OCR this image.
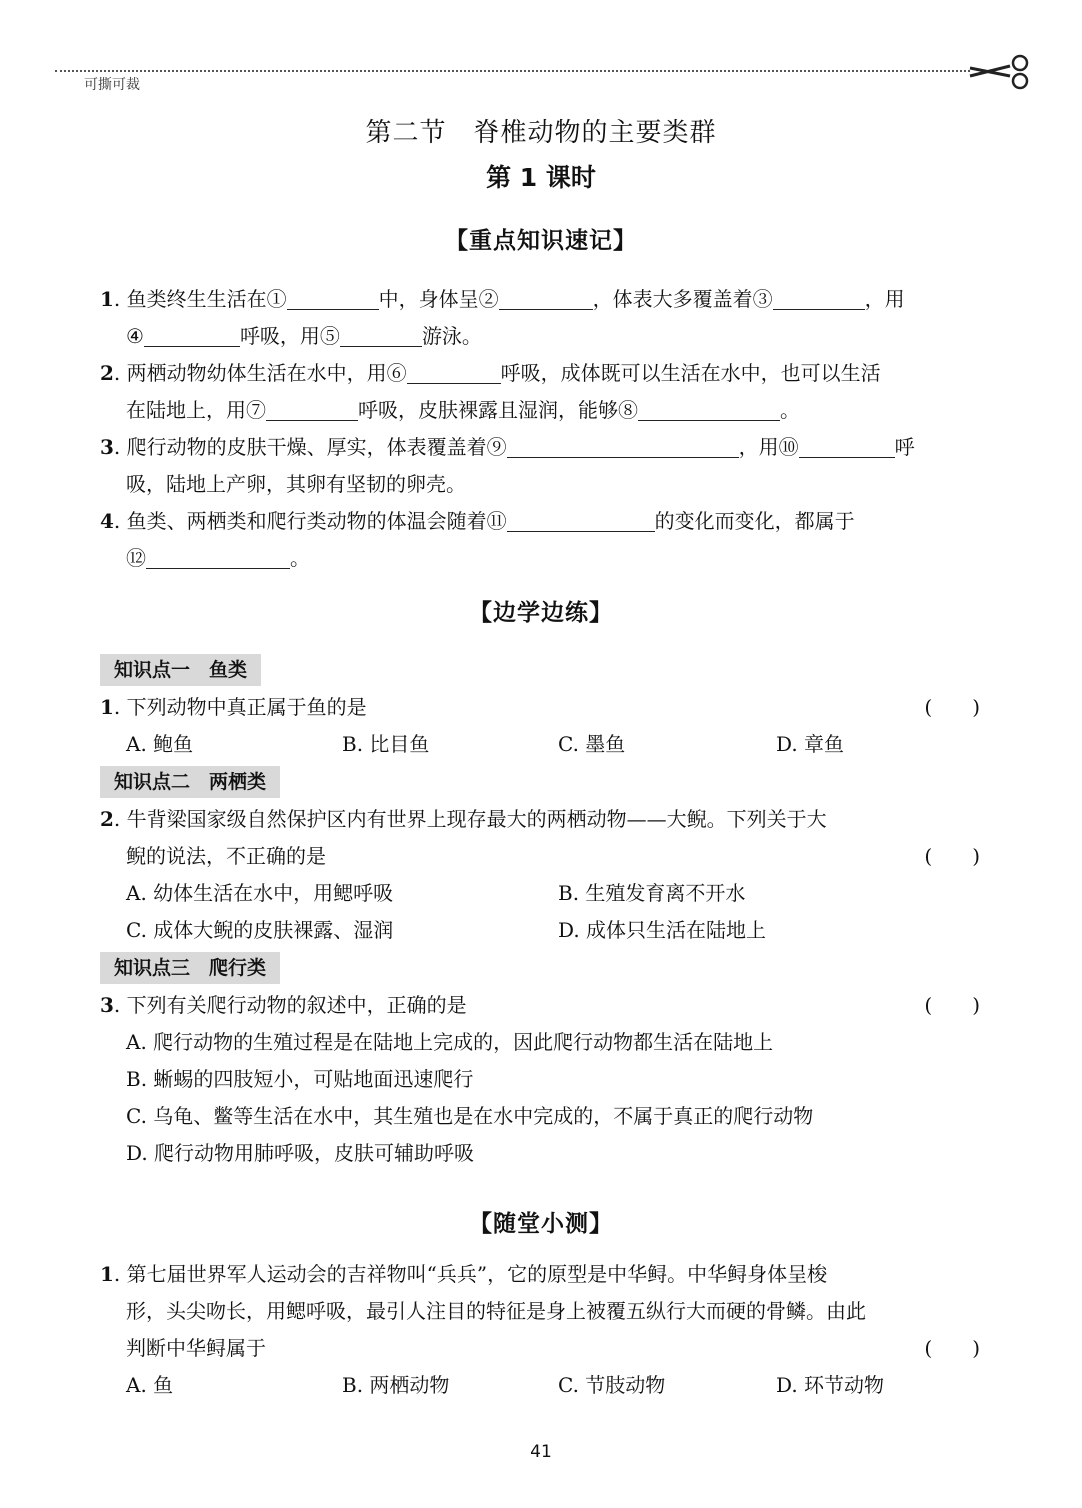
可撕可裁
第二节　脊椎动物的主要类群
第 1 课时
【重点知识速记】
1. 鱼类终生生活在①	中，身体呈②	，体表大多覆盖着③	，用
④	呼吸，用⑤	游泳。
2. 两栖动物幼体生活在水中，用⑥	呼吸，成体既可以生活在水中，也可以生活
在陆地上，用⑦	呼吸，皮肤裸露且湿润，能够⑧	。
3. 爬行动物的皮肤干燥、厚实，体表覆盖着⑨	，用⑩	呼
吸，陆地上产卵，其卵有坚韧的卵壳。
4. 鱼类、两栖类和爬行类动物的体温会随着⑪	的变化而变化，都属于
⑫	。
【边学边练】
知识点一　鱼类
1. 下列动物中真正属于鱼的是	(　　)
A. 鲍鱼	B. 比目鱼	C. 墨鱼	D. 章鱼
知识点二　两栖类
2. 牛背梁国家级自然保护区内有世界上现存最大的两栖动物——大鲵。下列关于大
鲵的说法，不正确的是	(　　)
A. 幼体生活在水中，用鳃呼吸	B. 生殖发育离不开水
C. 成体大鲵的皮肤裸露、湿润	D. 成体只生活在陆地上
知识点三　爬行类
3. 下列有关爬行动物的叙述中，正确的是	(　　)
A. 爬行动物的生殖过程是在陆地上完成的，因此爬行动物都生活在陆地上
B. 蜥蜴的四肢短小，可贴地面迅速爬行
C. 乌龟、鳖等生活在水中，其生殖也是在水中完成的，不属于真正的爬行动物
D. 爬行动物用肺呼吸，皮肤可辅助呼吸
【随堂小测】
1. 第七届世界军人运动会的吉祥物叫“兵兵”，它的原型是中华鲟。中华鲟身体呈梭
形，头尖吻长，用鳃呼吸，最引人注目的特征是身上被覆五纵行大而硬的骨鳞。由此
判断中华鲟属于	(　　)
A. 鱼	B. 两栖动物	C. 节肢动物	D. 环节动物
41
